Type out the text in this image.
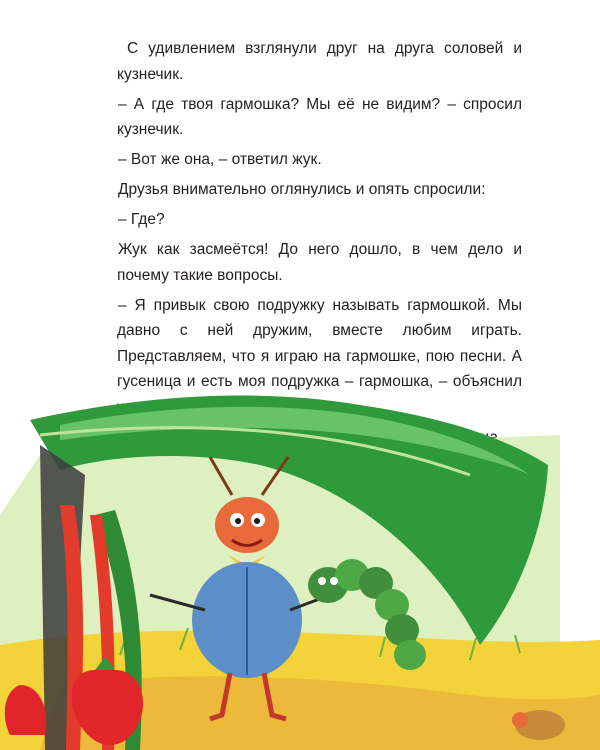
С удивлением взглянули друг на друга соловей и кузнечик.

– А где твоя гармошка? Мы её не видим? – спросил кузнечик.

– Вот же она, – ответил жук.

Друзья внимательно оглянулись и опять спросили:

– Где?

Жук как засмеётся! До него дошло, в чем дело и почему такие вопросы.

– Я привык свою подружку называть гармошкой. Мы давно с ней дружим, вместе любим играть. Представляем, что я играю на гармошке, пою песни. А гусеница и есть моя подружка – гармошка, – объяснил
